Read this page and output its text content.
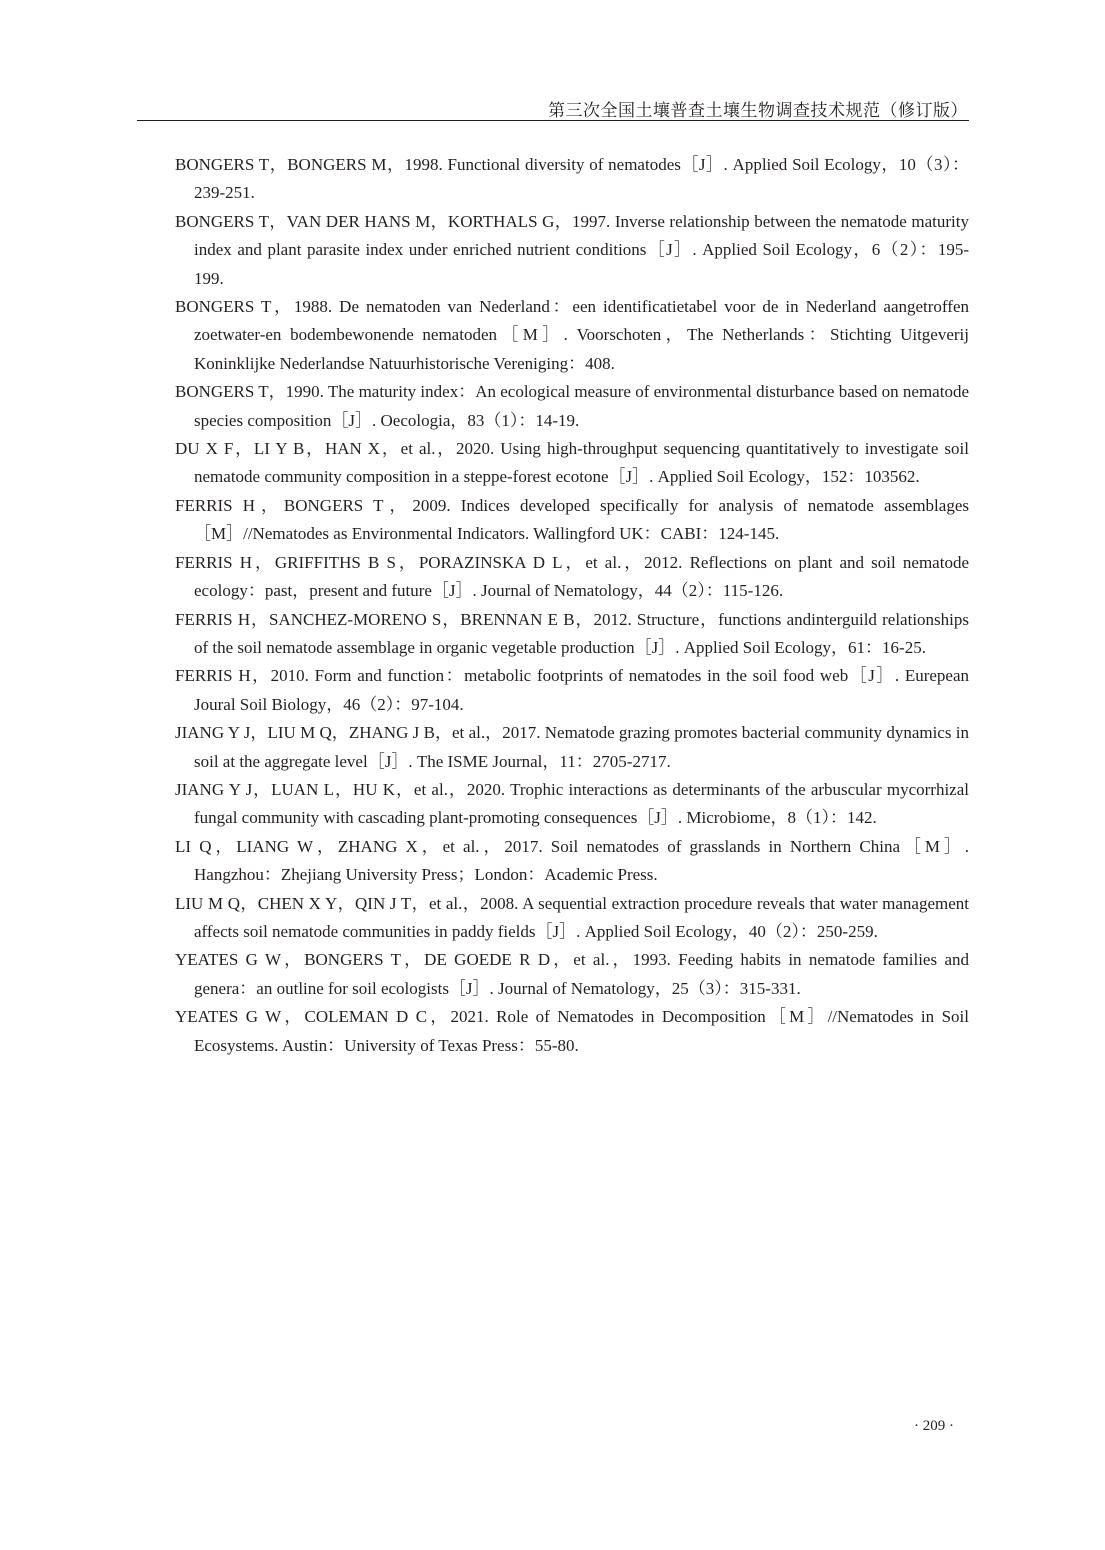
第三次全国土壤普查土壤生物调查技术规范（修订版）
BONGERS T，BONGERS M，1998. Functional diversity of nematodes［J］. Applied Soil Ecology，10（3）：239-251.
BONGERS T，VAN DER HANS M，KORTHALS G，1997. Inverse relationship between the nematode maturity index and plant parasite index under enriched nutrient conditions［J］. Applied Soil Ecology，6（2）：195-199.
BONGERS T，1988. De nematoden van Nederland：een identificatietabel voor de in Nederland aangetroffen zoetwater-en bodembewonende nematoden［M］. Voorschoten，The Netherlands：Stichting Uitgeverij Koninklijke Nederlandse Natuurhistorische Vereniging：408.
BONGERS T，1990. The maturity index：An ecological measure of environmental disturbance based on nematode species composition［J］. Oecologia，83（1）：14-19.
DU X F，LI Y B，HAN X，et al.，2020. Using high-throughput sequencing quantitatively to investigate soil nematode community composition in a steppe-forest ecotone［J］. Applied Soil Ecology，152：103562.
FERRIS H，BONGERS T，2009. Indices developed specifically for analysis of nematode assemblages［M］//Nematodes as Environmental Indicators. Wallingford UK：CABI：124-145.
FERRIS H，GRIFFITHS B S，PORAZINSKA D L，et al.，2012. Reflections on plant and soil nematode ecology：past，present and future［J］. Journal of Nematology，44（2）：115-126.
FERRIS H，SANCHEZ-MORENO S，BRENNAN E B，2012. Structure，functions andinterguild relationships of the soil nematode assemblage in organic vegetable production［J］. Applied Soil Ecology，61：16-25.
FERRIS H，2010. Form and function：metabolic footprints of nematodes in the soil food web［J］. Eurepean Joural Soil Biology，46（2）：97-104.
JIANG Y J，LIU M Q，ZHANG J B，et al.，2017. Nematode grazing promotes bacterial community dynamics in soil at the aggregate level［J］. The ISME Journal，11：2705-2717.
JIANG Y J，LUAN L，HU K，et al.，2020. Trophic interactions as determinants of the arbuscular mycorrhizal fungal community with cascading plant-promoting consequences［J］. Microbiome，8（1）：142.
LI Q，LIANG W，ZHANG X，et al.，2017. Soil nematodes of grasslands in Northern China［M］. Hangzhou：Zhejiang University Press；London：Academic Press.
LIU M Q，CHEN X Y，QIN J T，et al.，2008. A sequential extraction procedure reveals that water management affects soil nematode communities in paddy fields［J］. Applied Soil Ecology，40（2）：250-259.
YEATES G W，BONGERS T，DE GOEDE R D，et al.，1993. Feeding habits in nematode families and genera：an outline for soil ecologists［J］. Journal of Nematology，25（3）：315-331.
YEATES G W，COLEMAN D C，2021. Role of Nematodes in Decomposition［M］//Nematodes in Soil Ecosystems. Austin：University of Texas Press：55-80.
· 209 ·
